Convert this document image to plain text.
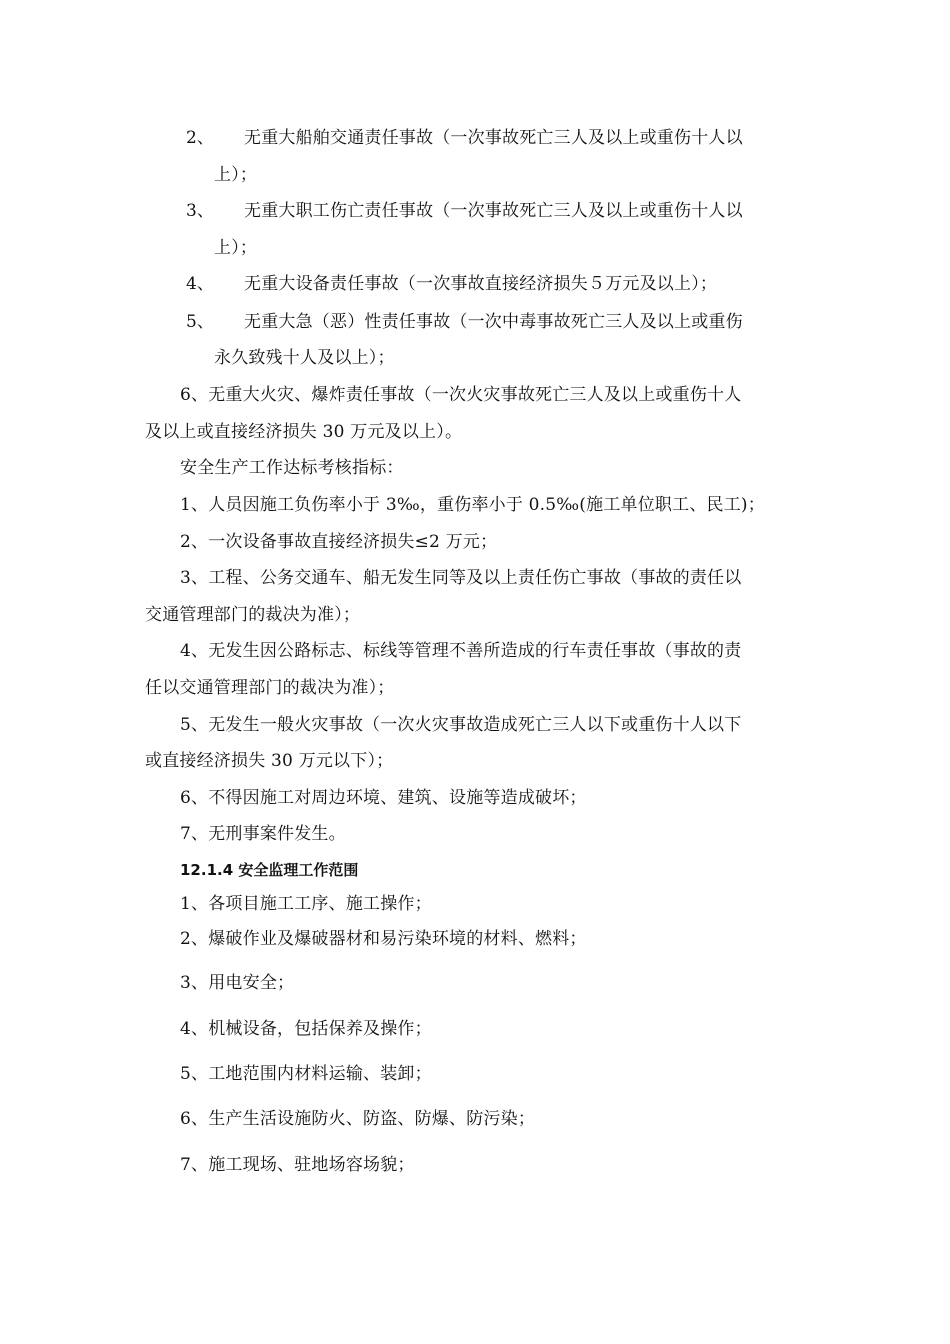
2、 无重大船舶交通责任事故（一次事故死亡三人及以上或重伤十人以
上）；
3、 无重大职工伤亡责任事故（一次事故死亡三人及以上或重伤十人以
上）；
4、 无重大设备责任事故（一次事故直接经济损失５万元及以上）；
5、 无重大急（恶）性责任事故（一次中毒事故死亡三人及以上或重伤
永久致残十人及以上）；
6、无重大火灾、爆炸责任事故（一次火灾事故死亡三人及以上或重伤十人
及以上或直接经济损失 30 万元及以上）。
安全生产工作达标考核指标：
1、人员因施工负伤率小于 3‰，重伤率小于 0.5‰(施工单位职工、民工)；
2、一次设备事故直接经济损失≤2 万元；
3、工程、公务交通车、船无发生同等及以上责任伤亡事故（事故的责任以
交通管理部门的裁决为准）；
4、无发生因公路标志、标线等管理不善所造成的行车责任事故（事故的责
任以交通管理部门的裁决为准）；
5、无发生一般火灾事故（一次火灾事故造成死亡三人以下或重伤十人以下
或直接经济损失 30 万元以下）；
6、不得因施工对周边环境、建筑、设施等造成破坏；
7、无刑事案件发生。
12.1.4 安全监理工作范围
1、各项目施工工序、施工操作；
2、爆破作业及爆破器材和易污染环境的材料、燃料；
3、用电安全；
4、机械设备，包括保养及操作；
5、工地范围内材料运输、装卸；
6、生产生活设施防火、防盗、防爆、防污染；
7、施工现场、驻地场容场貌；
